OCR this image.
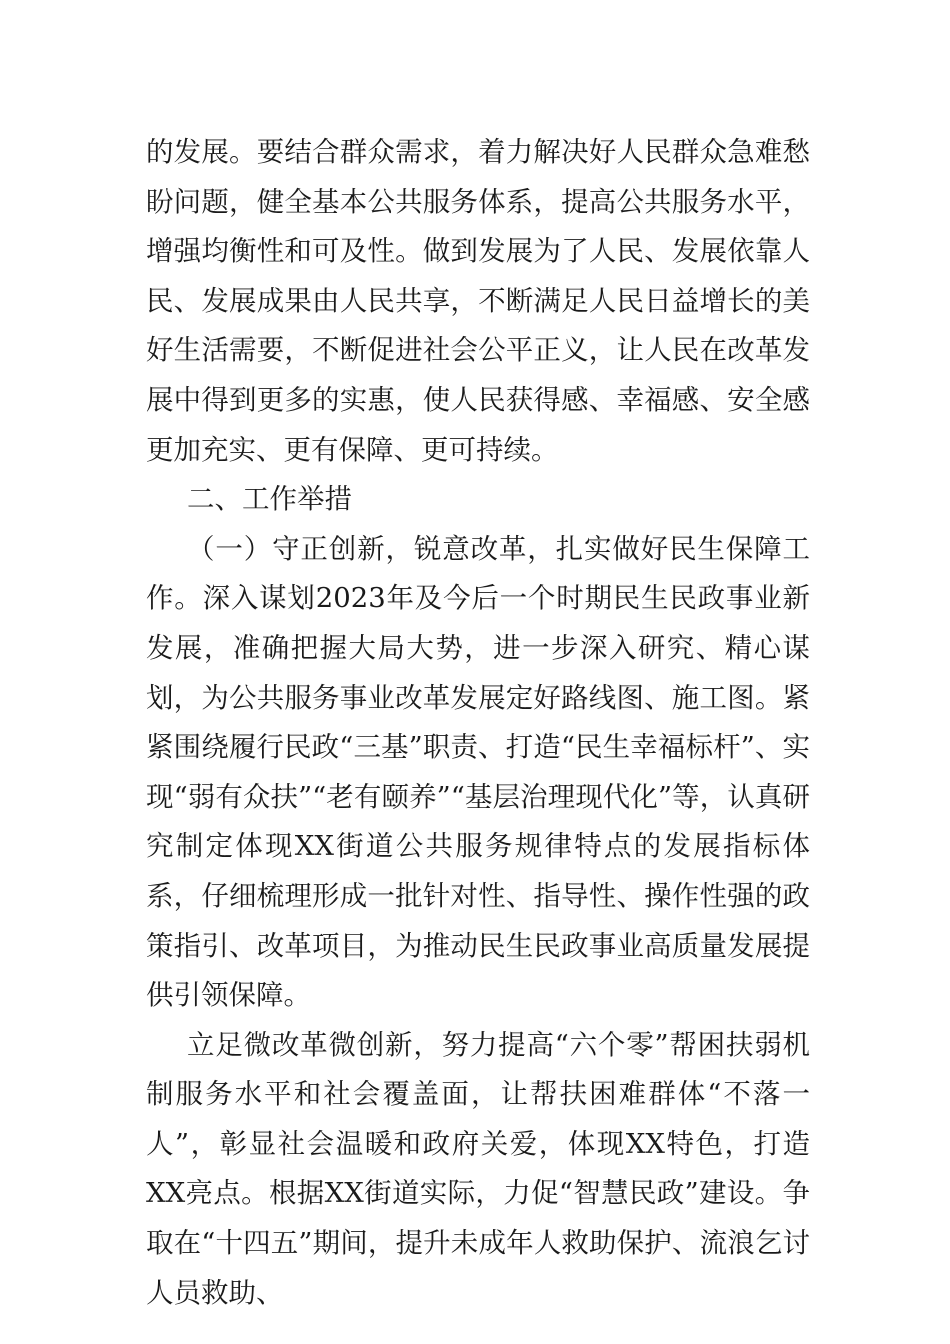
的发展。要结合群众需求，着力解决好人民群众急难愁盼问题，健全基本公共服务体系，提高公共服务水平，增强均衡性和可及性。做到发展为了人民、发展依靠人民、发展成果由人民共享，不断满足人民日益增长的美好生活需要，不断促进社会公平正义，让人民在改革发展中得到更多的实惠，使人民获得感、幸福感、安全感更加充实、更有保障、更可持续。

二、工作举措

（一）守正创新，锐意改革，扎实做好民生保障工作。深入谋划2023年及今后一个时期民生民政事业新发展，准确把握大局大势，进一步深入研究、精心谋划，为公共服务事业改革发展定好路线图、施工图。紧紧围绕履行民政“三基”职责、打造“民生幸福标杆”、实现“弱有众扶”“老有颐养”“基层治理现代化”等，认真研究制定体现XX街道公共服务规律特点的发展指标体系，仔细梳理形成一批针对性、指导性、操作性强的政策指引、改革项目，为推动民生民政事业高质量发展提供引领保障。

立足微改革微创新，努力提高“六个零”帮困扶弱机制服务水平和社会覆盖面，让帮扶困难群体“不落一人”，彰显社会温暖和政府关爱，体现XX特色，打造XX亮点。根据XX街道实际，力促“智慧民政”建设。争取在“十四五”期间，提升未成年人救助保护、流浪乞讨人员救助、
